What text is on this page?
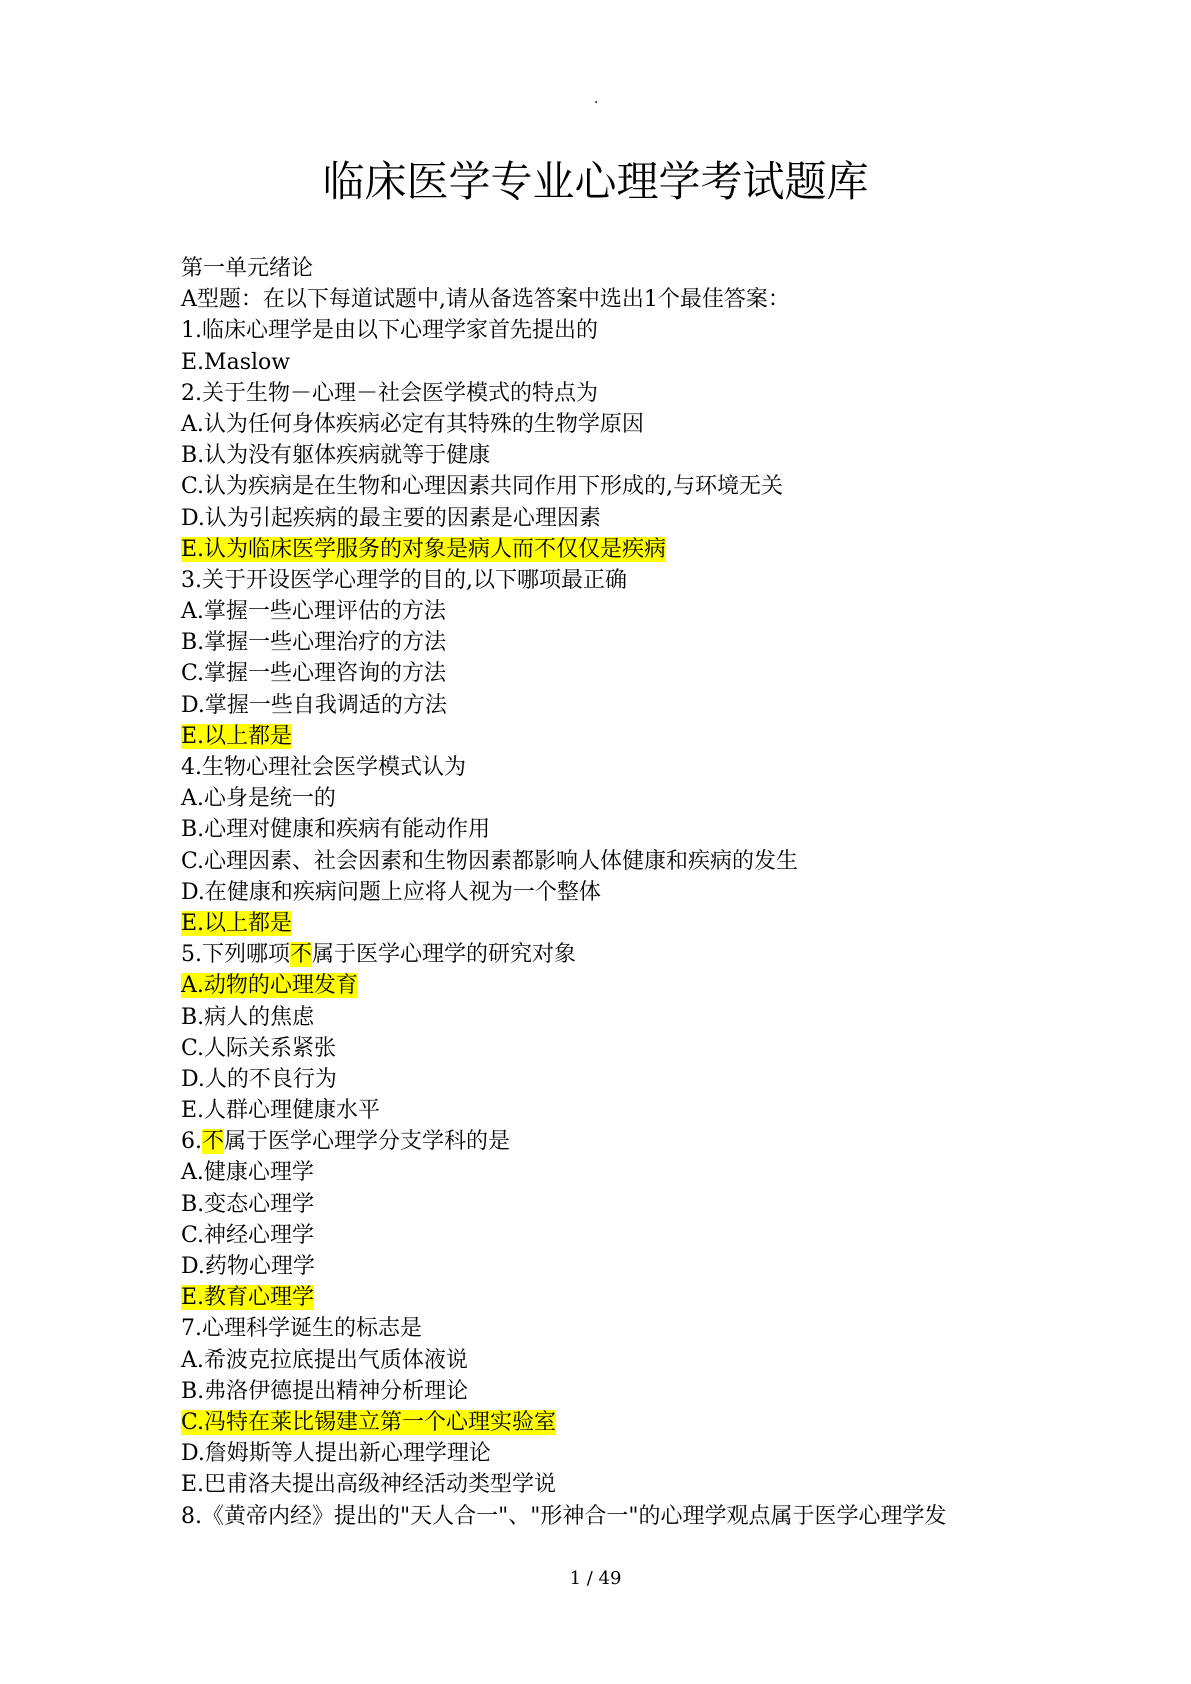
.
临床医学专业心理学考试题库
第一单元绪论
A型题：在以下每道试题中,请从备选答案中选出1个最佳答案：
1.临床心理学是由以下心理学家首先提出的
E.Maslow
2.关于生物－心理－社会医学模式的特点为
A.认为任何身体疾病必定有其特殊的生物学原因
B.认为没有躯体疾病就等于健康
C.认为疾病是在生物和心理因素共同作用下形成的,与环境无关
D.认为引起疾病的最主要的因素是心理因素
E.认为临床医学服务的对象是病人而不仅仅是疾病
3.关于开设医学心理学的目的,以下哪项最正确
A.掌握一些心理评估的方法
B.掌握一些心理治疗的方法
C.掌握一些心理咨询的方法
D.掌握一些自我调适的方法
E.以上都是
4.生物心理社会医学模式认为
A.心身是统一的
B.心理对健康和疾病有能动作用
C.心理因素、社会因素和生物因素都影响人体健康和疾病的发生
D.在健康和疾病问题上应将人视为一个整体
E.以上都是
5.下列哪项不属于医学心理学的研究对象
A.动物的心理发育
B.病人的焦虑
C.人际关系紧张
D.人的不良行为
E.人群心理健康水平
6.不属于医学心理学分支学科的是
A.健康心理学
B.变态心理学
C.神经心理学
D.药物心理学
E.教育心理学
7.心理科学诞生的标志是
A.希波克拉底提出气质体液说
B.弗洛伊德提出精神分析理论
C.冯特在莱比锡建立第一个心理实验室
D.詹姆斯等人提出新心理学理论
E.巴甫洛夫提出高级神经活动类型学说
8.《黄帝内经》提出的"天人合一"、"形神合一"的心理学观点属于医学心理学发
1 / 49
